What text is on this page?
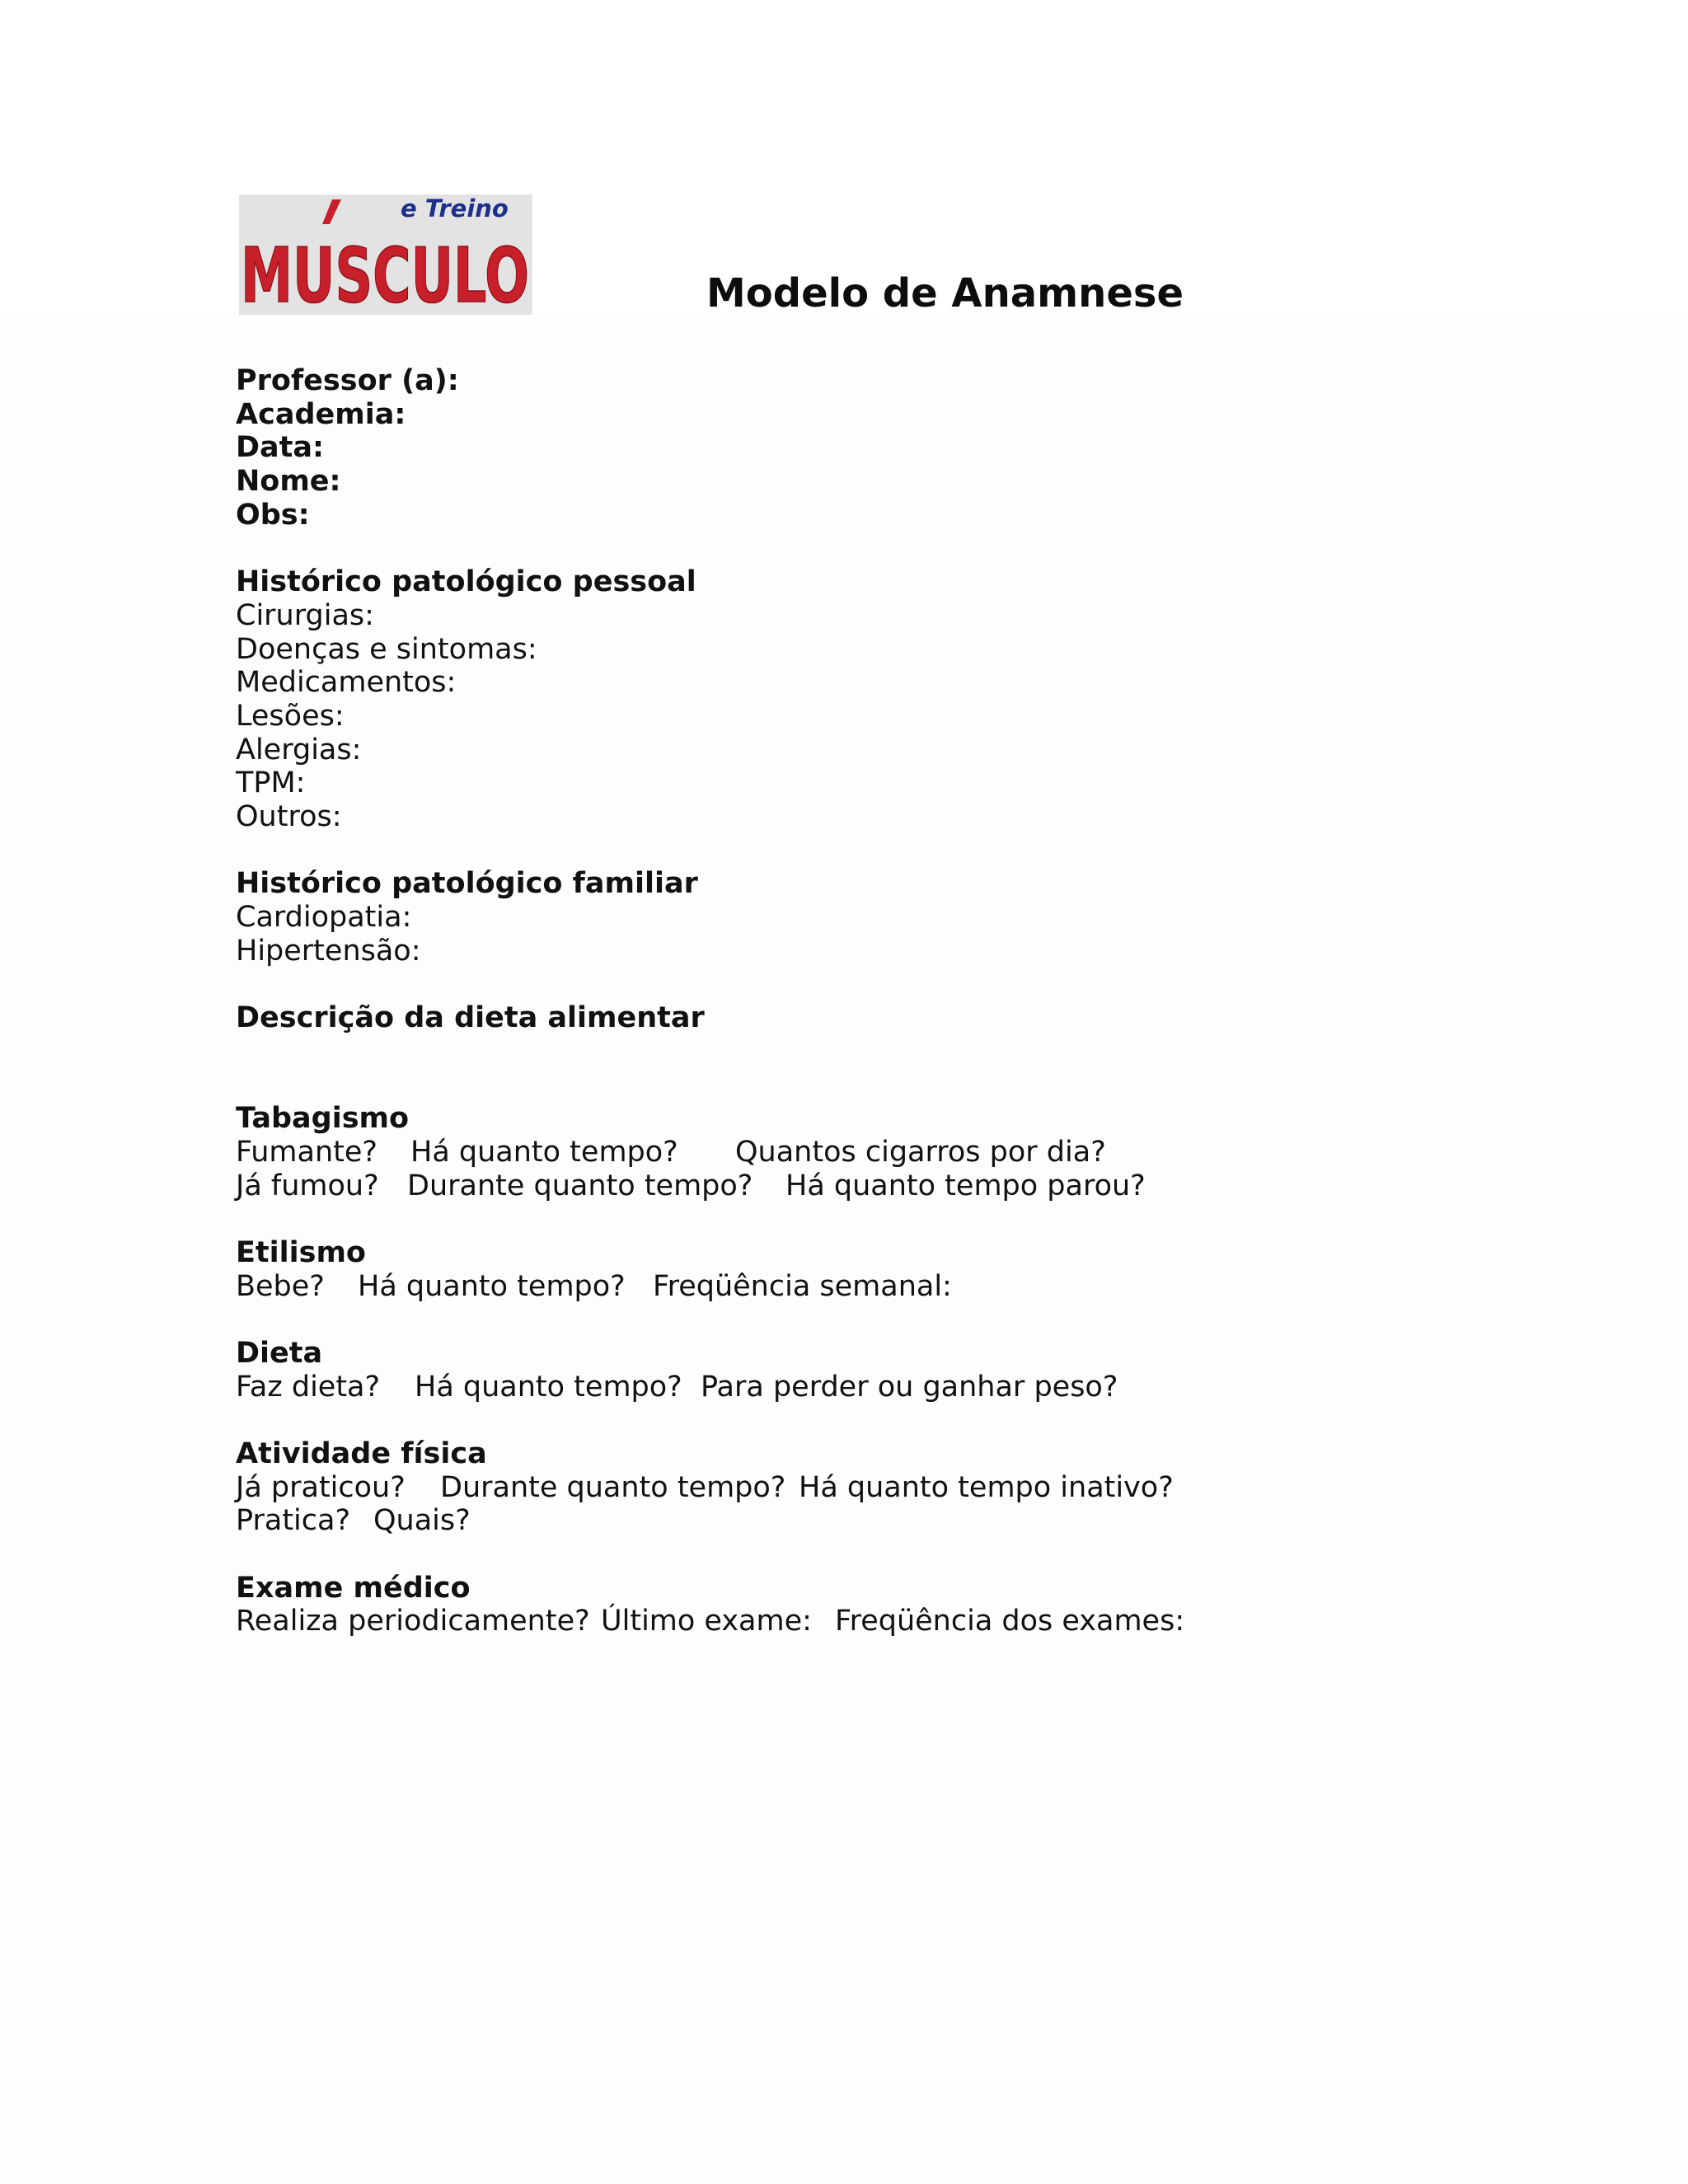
e Treino
MUSCULO	Modelo de Anamnese
Professor (a):
Academia:
Data:
Nome:
Obs:
Histórico patológico pessoal
Cirurgias:
Doenças e sintomas:
Medicamentos:
Lesões:
Alergias:
TPM:
Outros:
Histórico patológico familiar
Cardiopatia:
Hipertensão:
Descrição da dieta alimentar
Tabagismo
Fumante? Há quanto tempo? Quantos cigarros por dia?
Já fumou? Durante quanto tempo? Há quanto tempo parou?
Etilismo
Bebe? Há quanto tempo? Freqüência semanal:
Dieta
Faz dieta? Há quanto tempo? Para perder ou ganhar peso?
Atividade física
Já praticou? Durante quanto tempo? Há quanto tempo inativo?
Pratica? Quais?
Exame médico
Realiza periodicamente? Último exame: Freqüência dos exames:
